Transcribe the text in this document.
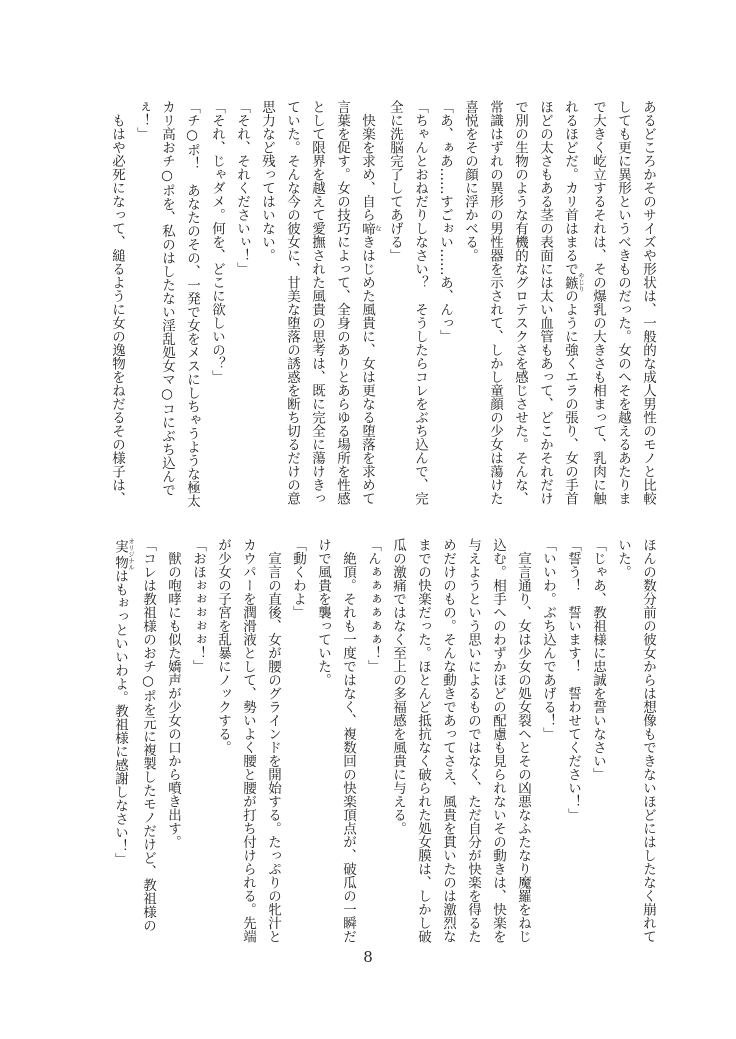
あるどころかそのサイズや形状は、一般的な成人男性のモノと比較
しても更に異形というべきものだった。女のへそを越えるあたりま
で大きく屹立するそれは、その爆乳の大きさも相まって、乳肉に触
れるほどだ。カリ首はまるで鏃 やじりのように強くエラの張り、女の手首
ほどの太さもある茎の表面には太い血管もあって、どこかそれだけ
で別の生物のような有機的なグロテスクさを感じさせた。そんな、
常識はずれの異形の男性器を示されて、しかし童顔の少女は蕩けた
喜悦をその顔に浮かべる。
「あ、ぁあ……すごぉい……あ、んっ」
「ちゃんとおねだりしなさい？　そうしたらコレをぶち込んで、完
全に洗脳完了してあげる」
　快楽を求め、自ら啼 なきはじめた風貴に、女は更なる堕落を求めて
言葉を促す。女の技巧によって、全身のありとあらゆる場所を性感
として限界を越えて愛撫された風貴の思考は、既に完全に蕩けきっ
ていた。そんな今の彼女に、甘美な堕落の誘惑を断ち切るだけの意
思力など残ってはいない。
「それ、それくださいぃ！」
「それ、じゃダメ。何を、どこに欲しいの？」
「チ○ポ！　あなたのその、一発で女をメスにしちゃうような極太
カリ高おチ○ポを、私のはしたない淫乱処女マ○コにぶち込んで
ぇ！」
　もはや必死になって、縋るように女の逸物をねだるその様子は、
ほんの数分前の彼女からは想像もできないほどにはしたなく崩れて
いた。
「じゃあ、教祖様に忠誠を誓いなさい」
「誓う！　誓います！　誓わせてください！」
「いいわ。ぶち込んであげる！」
　宣言通り、女は少女の処女裂へとその凶悪なふたなり魔羅をねじ
込む。相手へのわずかほどの配慮も見られないその動きは、快楽を
与えようという思いによるものではなく、ただ自分が快楽を得るた
めだけのもの。そんな動きであってさえ、風貴を貫いたのは激烈な
までの快楽だった。ほとんど抵抗なく破られた処女膜は、しかし破
瓜の激痛ではなく至上の多福感を風貴に与える。
「んぁぁぁぁぁぁ！」
　絶頂。それも一度ではなく、複数回の快楽頂点が、破瓜の一瞬だ
けで風貴を襲っていた。
「動くわよ」
　宣言の直後、女が腰のグラインドを開始する。たっぷりの牝汁と
カウパーを潤滑液として、勢いよく腰と腰が打ち付けられる。先端
が少女の子宮を乱暴にノックする。
「おほぉぉぉぉぉ！」
　獣の咆哮にも似た嬌声が少女の口から噴き出す。
「コレは教祖様のおチ○ポを元に複製したモノだけど、教祖様の
実物 オリジナルはもぉっといいわよ。教祖様に感謝しなさい！」
8
